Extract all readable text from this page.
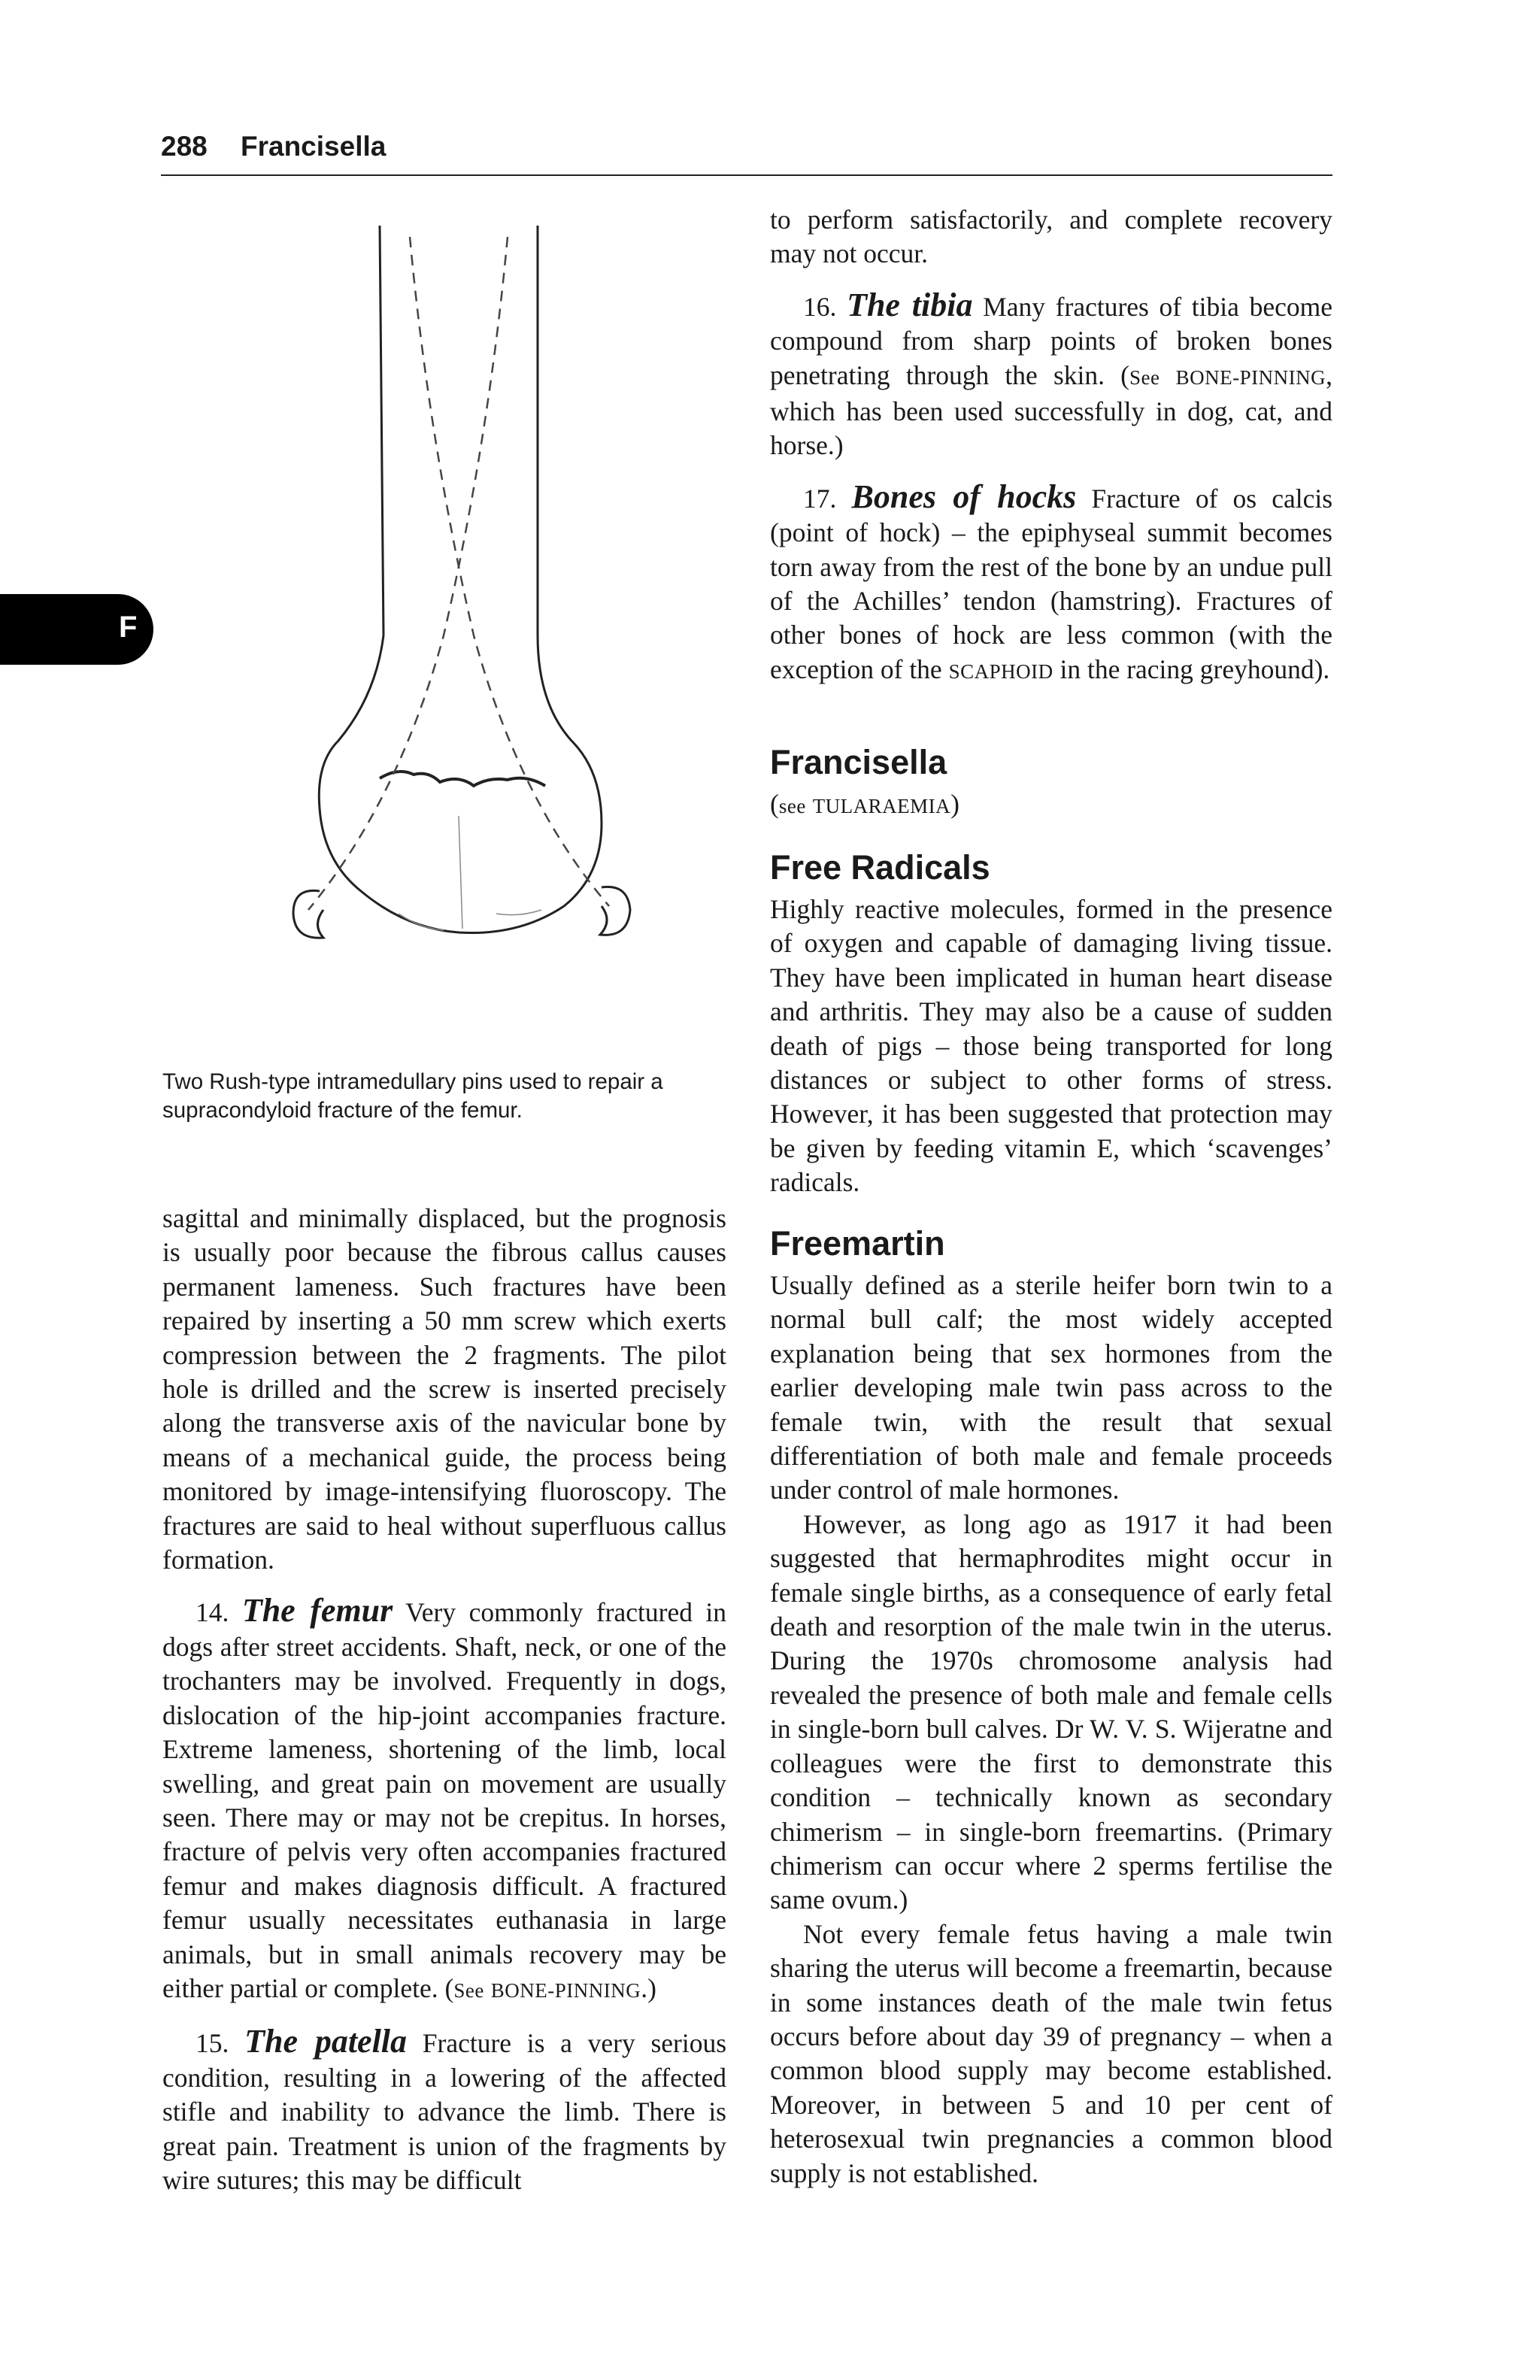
288 Francisella
F
Two Rush-type intramedullary pins used to repair a supracondyloid fracture of the femur.

sagittal and minimally displaced, but the prognosis is usually poor because the fibrous callus causes permanent lameness. Such fractures have been repaired by inserting a 50 mm screw which exerts compression between the 2 fragments. The pilot hole is drilled and the screw is inserted precisely along the transverse axis of the navicular bone by means of a mechanical guide, the process being monitored by image-intensifying fluoroscopy. The fractures are said to heal without superfluous callus formation.

14. The femur Very commonly fractured in dogs after street accidents. Shaft, neck, or one of the trochanters may be involved. Frequently in dogs, dislocation of the hip-joint accompanies fracture. Extreme lameness, shortening of the limb, local swelling, and great pain on movement are usually seen. There may or may not be crepitus. In horses, fracture of pelvis very often accompanies fractured femur and makes diagnosis difficult. A fractured femur usually necessitates euthanasia in large animals, but in small animals recovery may be either partial or complete. (See BONE-PINNING.)

15. The patella Fracture is a very serious condition, resulting in a lowering of the affected stifle and inability to advance the limb. There is great pain. Treatment is union of the fragments by wire sutures; this may be difficult

to perform satisfactorily, and complete recovery may not occur.

16. The tibia Many fractures of tibia become compound from sharp points of broken bones penetrating through the skin. (See BONE-PINNING, which has been used successfully in dog, cat, and horse.)

17. Bones of hocks Fracture of os calcis (point of hock) – the epiphyseal summit becomes torn away from the rest of the bone by an undue pull of the Achilles’ tendon (hamstring). Fractures of other bones of hock are less common (with the exception of the SCAPHOID in the racing greyhound).

Francisella

(see TULARAEMIA)

Free Radicals

Highly reactive molecules, formed in the presence of oxygen and capable of damaging living tissue. They have been implicated in human heart disease and arthritis. They may also be a cause of sudden death of pigs – those being transported for long distances or subject to other forms of stress. However, it has been suggested that protection may be given by feeding vitamin E, which ‘scavenges’ radicals.

Freemartin

Usually defined as a sterile heifer born twin to a normal bull calf; the most widely accepted explanation being that sex hormones from the earlier developing male twin pass across to the female twin, with the result that sexual differentiation of both male and female proceeds under control of male hormones.

However, as long ago as 1917 it had been suggested that hermaphrodites might occur in female single births, as a consequence of early fetal death and resorption of the male twin in the uterus. During the 1970s chromosome analysis had revealed the presence of both male and female cells in single-born bull calves. Dr W. V. S. Wijeratne and colleagues were the first to demonstrate this condition – technically known as secondary chimerism – in single-born freemartins. (Primary chimerism can occur where 2 sperms fertilise the same ovum.)

Not every female fetus having a male twin sharing the uterus will become a freemartin, because in some instances death of the male twin fetus occurs before about day 39 of pregnancy – when a common blood supply may become established. Moreover, in between 5 and 10 per cent of heterosexual twin pregnancies a common blood supply is not established.
